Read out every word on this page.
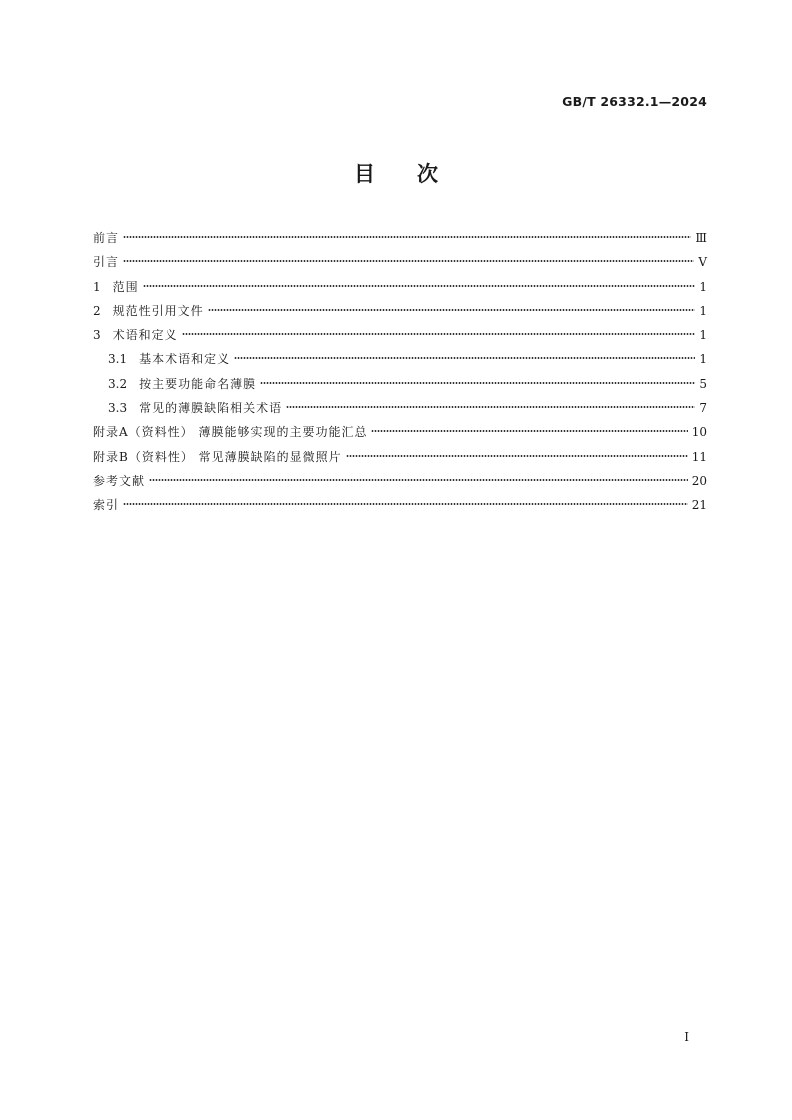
GB/T 26332.1—2024
目次
前言	Ⅲ
引言	Ⅴ
1 范围	1
2 规范性引用文件	1
3 术语和定义	1
3.1 基本术语和定义	1
3.2 按主要功能命名薄膜	5
3.3 常见的薄膜缺陷相关术语	7
附录A（资料性） 薄膜能够实现的主要功能汇总	10
附录B（资料性） 常见薄膜缺陷的显微照片	11
参考文献	20
索引	21
I
